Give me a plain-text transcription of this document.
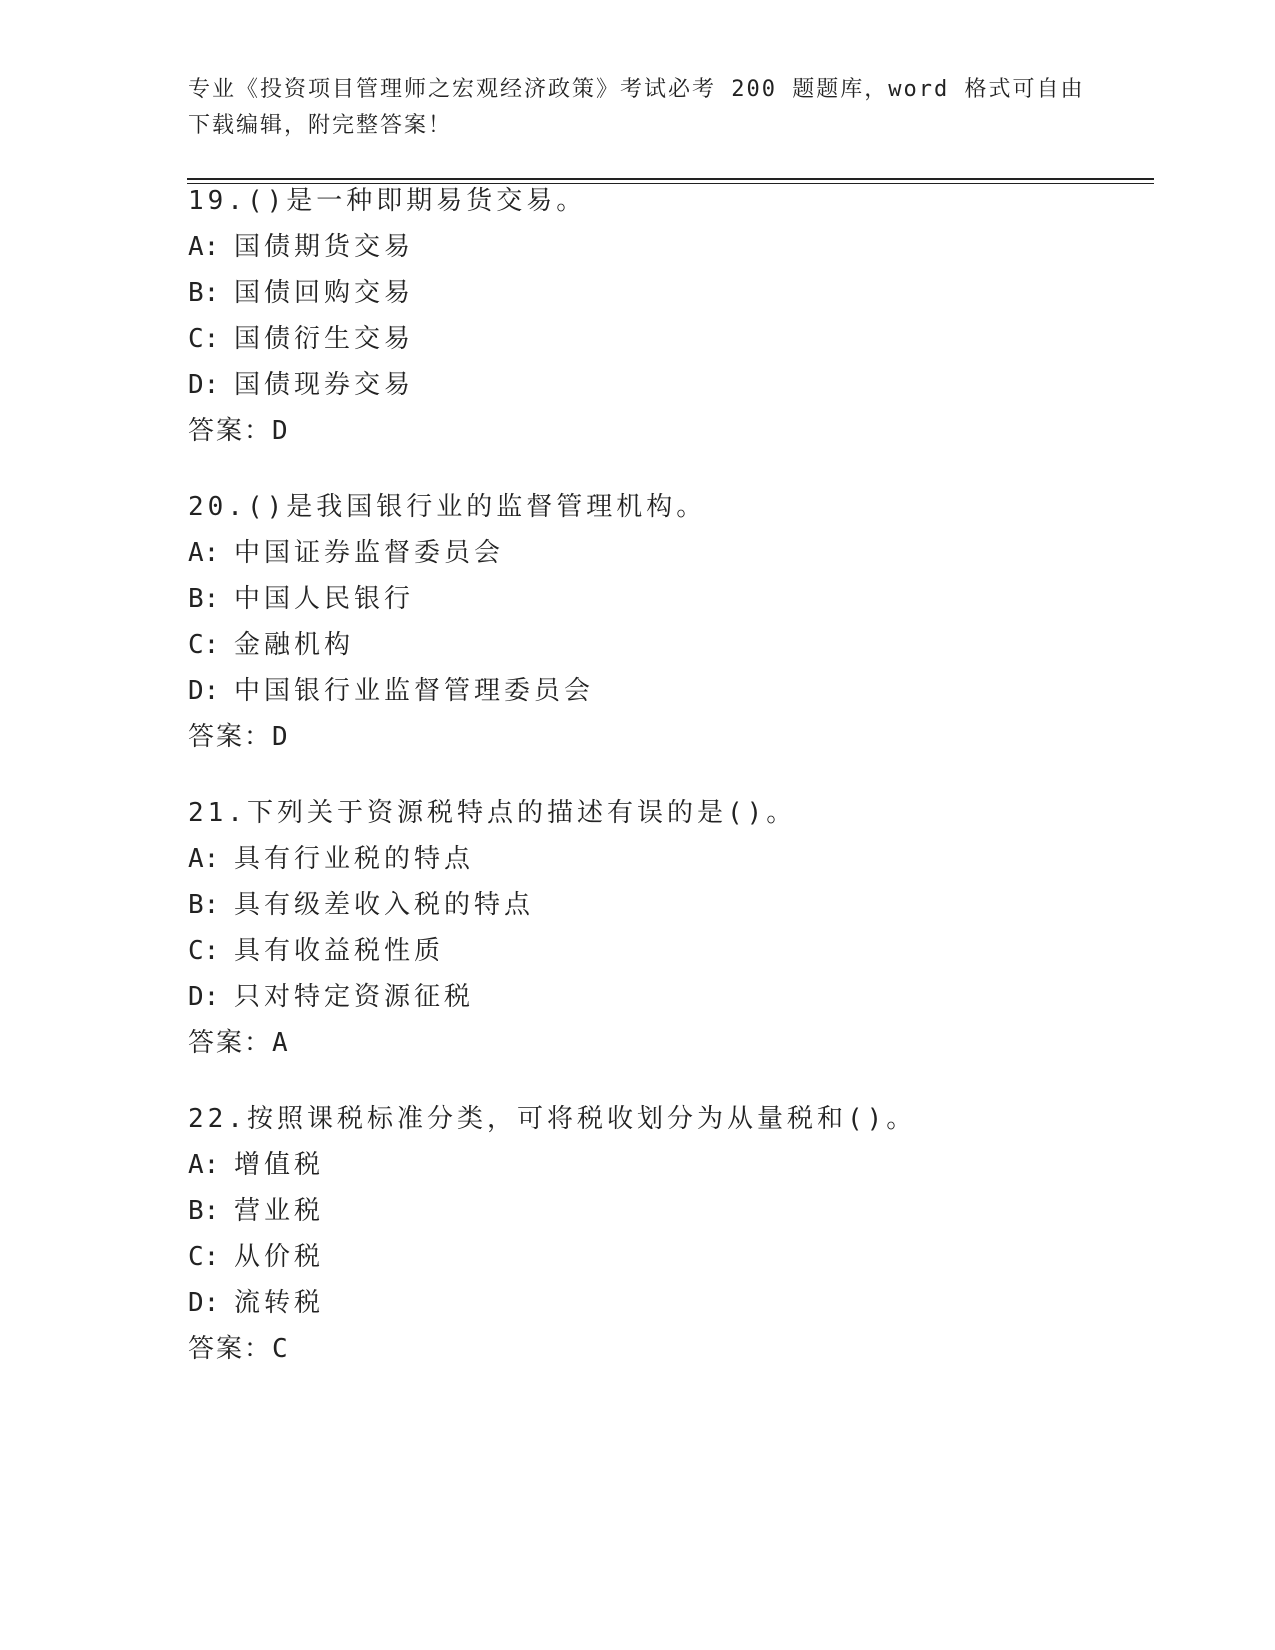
专业《投资项目管理师之宏观经济政策》考试必考 200 题题库，word 格式可自由
下载编辑，附完整答案！
19.()是一种即期易货交易。
A: 国债期货交易
B: 国债回购交易
C: 国债衍生交易
D: 国债现券交易
答案：D
20.()是我国银行业的监督管理机构。
A: 中国证券监督委员会
B: 中国人民银行
C: 金融机构
D: 中国银行业监督管理委员会
答案：D
21.下列关于资源税特点的描述有误的是()。
A: 具有行业税的特点
B: 具有级差收入税的特点
C: 具有收益税性质
D: 只对特定资源征税
答案：A
22.按照课税标准分类，可将税收划分为从量税和()。
A: 增值税
B: 营业税
C: 从价税
D: 流转税
答案：C
